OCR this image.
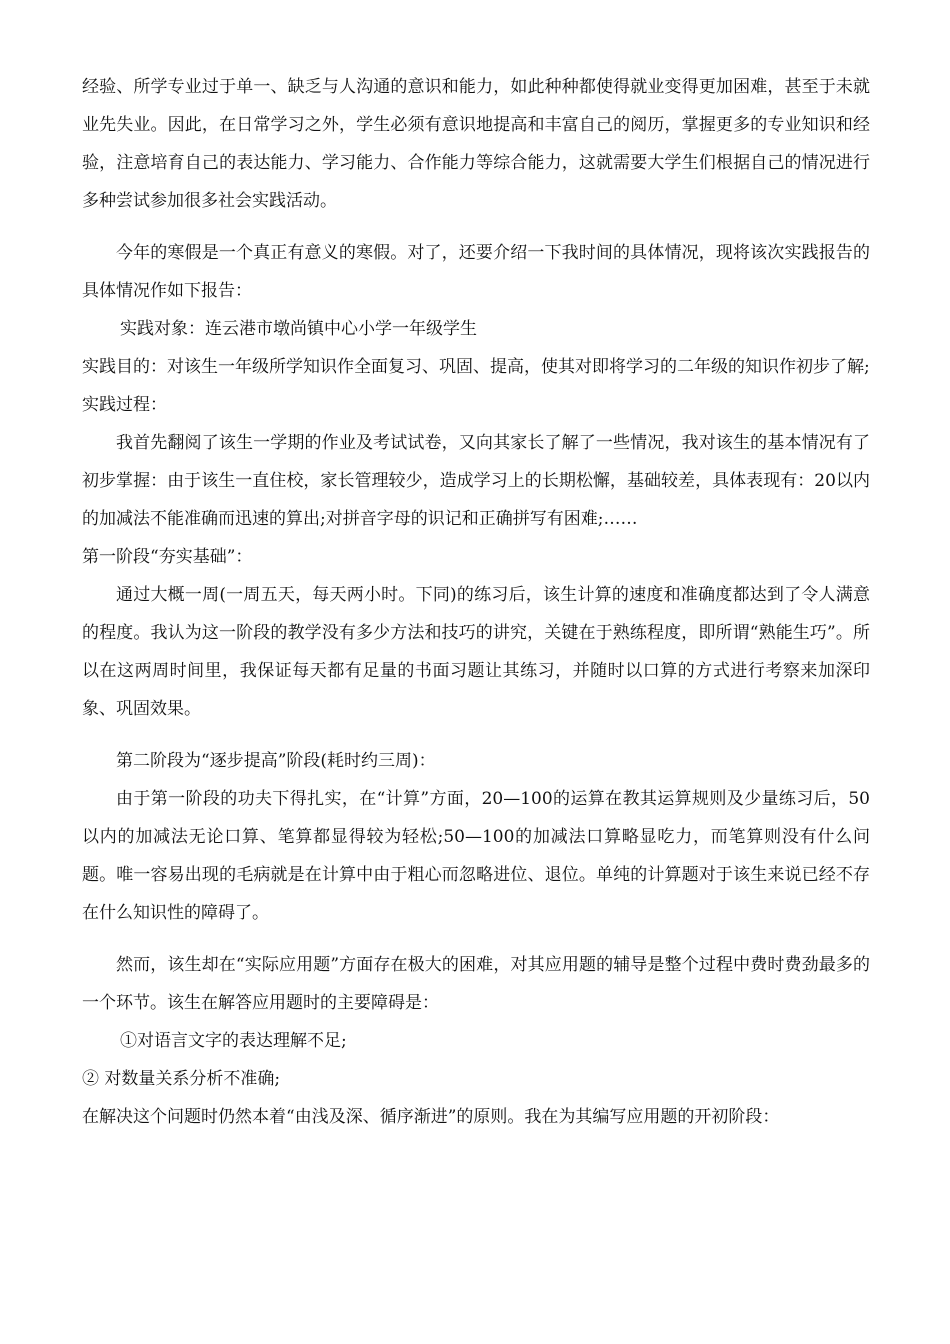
经验、所学专业过于单一、缺乏与人沟通的意识和能力，如此种种都使得就业变得更加困难，甚至于未就业先失业。因此，在日常学习之外，学生必须有意识地提高和丰富自己的阅历，掌握更多的专业知识和经验，注意培育自己的表达能力、学习能力、合作能力等综合能力，这就需要大学生们根据自己的情况进行多种尝试参加很多社会实践活动。

今年的寒假是一个真正有意义的寒假。对了，还要介绍一下我时间的具体情况，现将该次实践报告的具体情况作如下报告：

实践对象：连云港市墩尚镇中心小学一年级学生

实践目的：对该生一年级所学知识作全面复习、巩固、提高，使其对即将学习的二年级的知识作初步了解;

实践过程：

我首先翻阅了该生一学期的作业及考试试卷，又向其家长了解了一些情况，我对该生的基本情况有了初步掌握：由于该生一直住校，家长管理较少，造成学习上的长期松懈，基础较差，具体表现有：20以内的加减法不能准确而迅速的算出;对拼音字母的识记和正确拼写有困难;……

第一阶段“夯实基础”：

通过大概一周(一周五天，每天两小时。下同)的练习后，该生计算的速度和准确度都达到了令人满意的程度。我认为这一阶段的教学没有多少方法和技巧的讲究，关键在于熟练程度，即所谓“熟能生巧”。所以在这两周时间里，我保证每天都有足量的书面习题让其练习，并随时以口算的方式进行考察来加深印象、巩固效果。

第二阶段为“逐步提高”阶段(耗时约三周)：

由于第一阶段的功夫下得扎实，在“计算”方面，20—100的运算在教其运算规则及少量练习后，50以内的加减法无论口算、笔算都显得较为轻松;50—100的加减法口算略显吃力，而笔算则没有什么问题。唯一容易出现的毛病就是在计算中由于粗心而忽略进位、退位。单纯的计算题对于该生来说已经不存在什么知识性的障碍了。

然而，该生却在“实际应用题”方面存在极大的困难，对其应用题的辅导是整个过程中费时费劲最多的一个环节。该生在解答应用题时的主要障碍是：

①对语言文字的表达理解不足;

② 对数量关系分析不准确;

在解决这个问题时仍然本着“由浅及深、循序渐进”的原则。我在为其编写应用题的开初阶段：
